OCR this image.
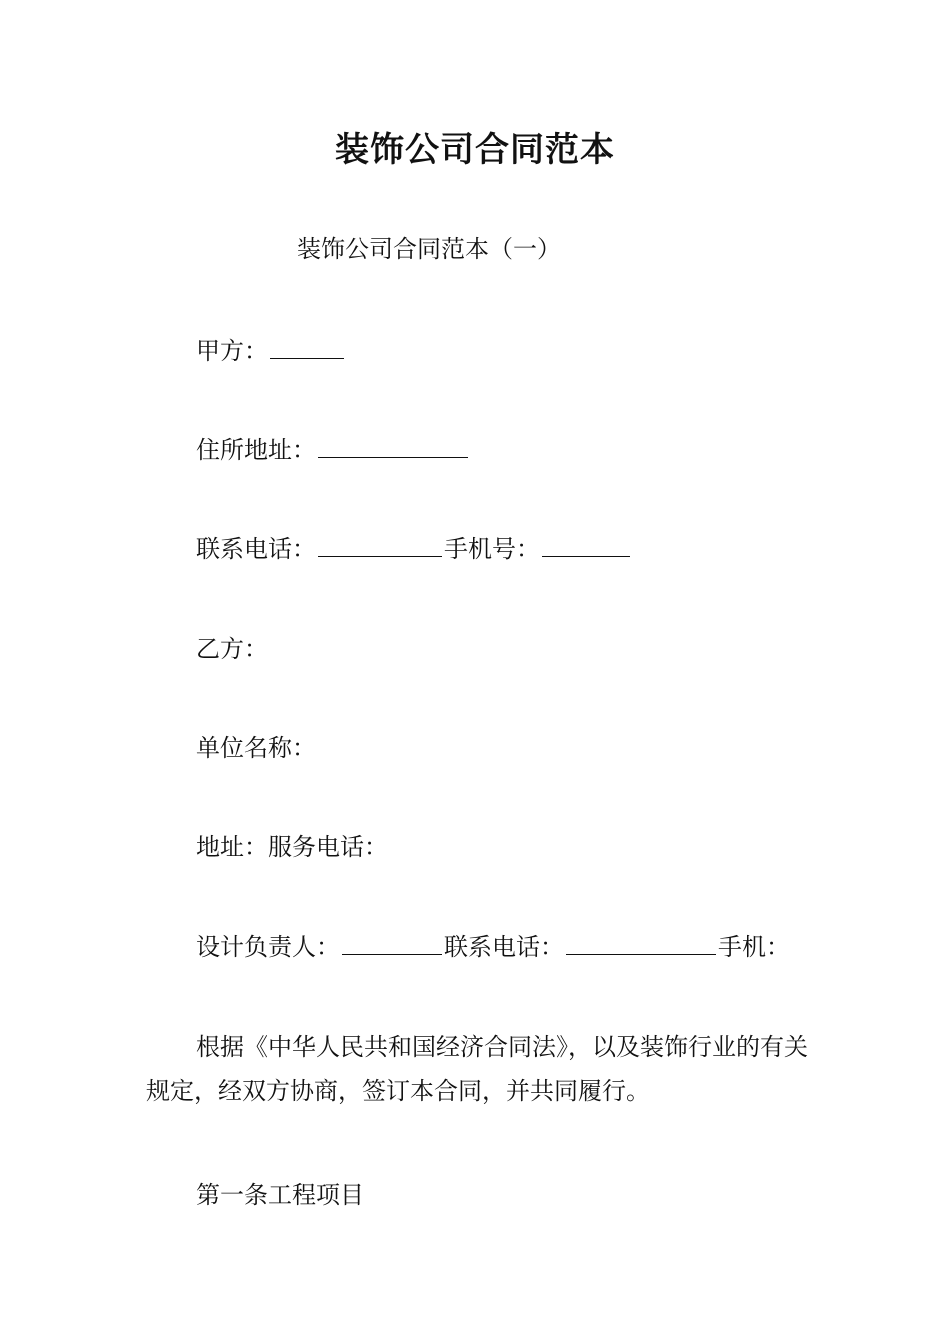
装饰公司合同范本

装饰公司合同范本（一）

甲方：

住所地址：

联系电话：	手机号：

乙方：

单位名称：

地址：服务电话：

设计负责人：	联系电话：	手机：

根据《中华人民共和国经济合同法》，以及装饰行业的有关规定，经双方协商，签订本合同，并共同履行。

第一条工程项目
